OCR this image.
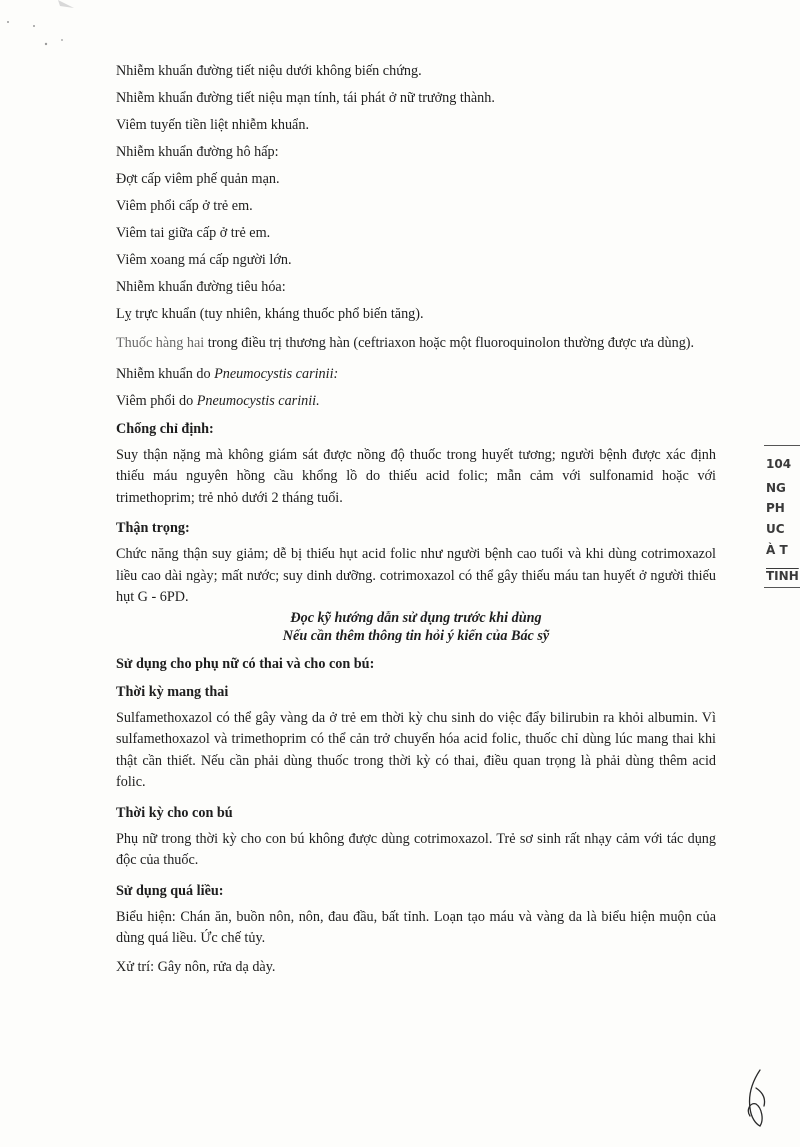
Nhiễm khuẩn đường tiết niệu dưới không biến chứng.

Nhiễm khuẩn đường tiết niệu mạn tính, tái phát ở nữ trưởng thành.

Viêm tuyến tiền liệt nhiễm khuẩn.

Nhiễm khuẩn đường hô hấp:

Đợt cấp viêm phế quản mạn.

Viêm phổi cấp ở trẻ em.

Viêm tai giữa cấp ở trẻ em.

Viêm xoang má cấp người lớn.

Nhiễm khuẩn đường tiêu hóa:

Lỵ trực khuẩn (tuy nhiên, kháng thuốc phổ biến tăng).

Thuốc hàng hai trong điều trị thương hàn (ceftriaxon hoặc một fluoroquinolon thường được ưa dùng).

Nhiễm khuẩn do Pneumocystis carinii:

Viêm phổi do Pneumocystis carinii.

Chống chỉ định:

Suy thận nặng mà không giám sát được nồng độ thuốc trong huyết tương; người bệnh được xác định thiếu máu nguyên hồng cầu khổng lồ do thiếu acid folic; mẫn cảm với sulfonamid hoặc với trimethoprim; trẻ nhỏ dưới 2 tháng tuổi.

Thận trọng:

Chức năng thận suy giảm; dễ bị thiếu hụt acid folic như người bệnh cao tuổi và khi dùng cotrimoxazol liều cao dài ngày; mất nước; suy dinh dưỡng. cotrimoxazol có thể gây thiếu máu tan huyết ở người thiếu hụt G - 6PD.

Đọc kỹ hướng dẫn sử dụng trước khi dùng

Nếu cần thêm thông tin hỏi ý kiến của Bác sỹ

Sử dụng cho phụ nữ có thai và cho con bú:

Thời kỳ mang thai

Sulfamethoxazol có thể gây vàng da ở trẻ em thời kỳ chu sinh do việc đẩy bilirubin ra khỏi albumin. Vì sulfamethoxazol và trimethoprim có thể cản trở chuyển hóa acid folic, thuốc chỉ dùng lúc mang thai khi thật cần thiết. Nếu cần phải dùng thuốc trong thời kỳ có thai, điều quan trọng là phải dùng thêm acid folic.

Thời kỳ cho con bú

Phụ nữ trong thời kỳ cho con bú không được dùng cotrimoxazol. Trẻ sơ sinh rất nhạy cảm với tác dụng độc của thuốc.

Sử dụng quá liều:

Biểu hiện: Chán ăn, buồn nôn, nôn, đau đầu, bất tỉnh. Loạn tạo máu và vàng da là biểu hiện muộn của dùng quá liều. Ức chế tủy.

Xử trí: Gây nôn, rửa dạ dày.

104
NG
PH
UC
À T
TINH
